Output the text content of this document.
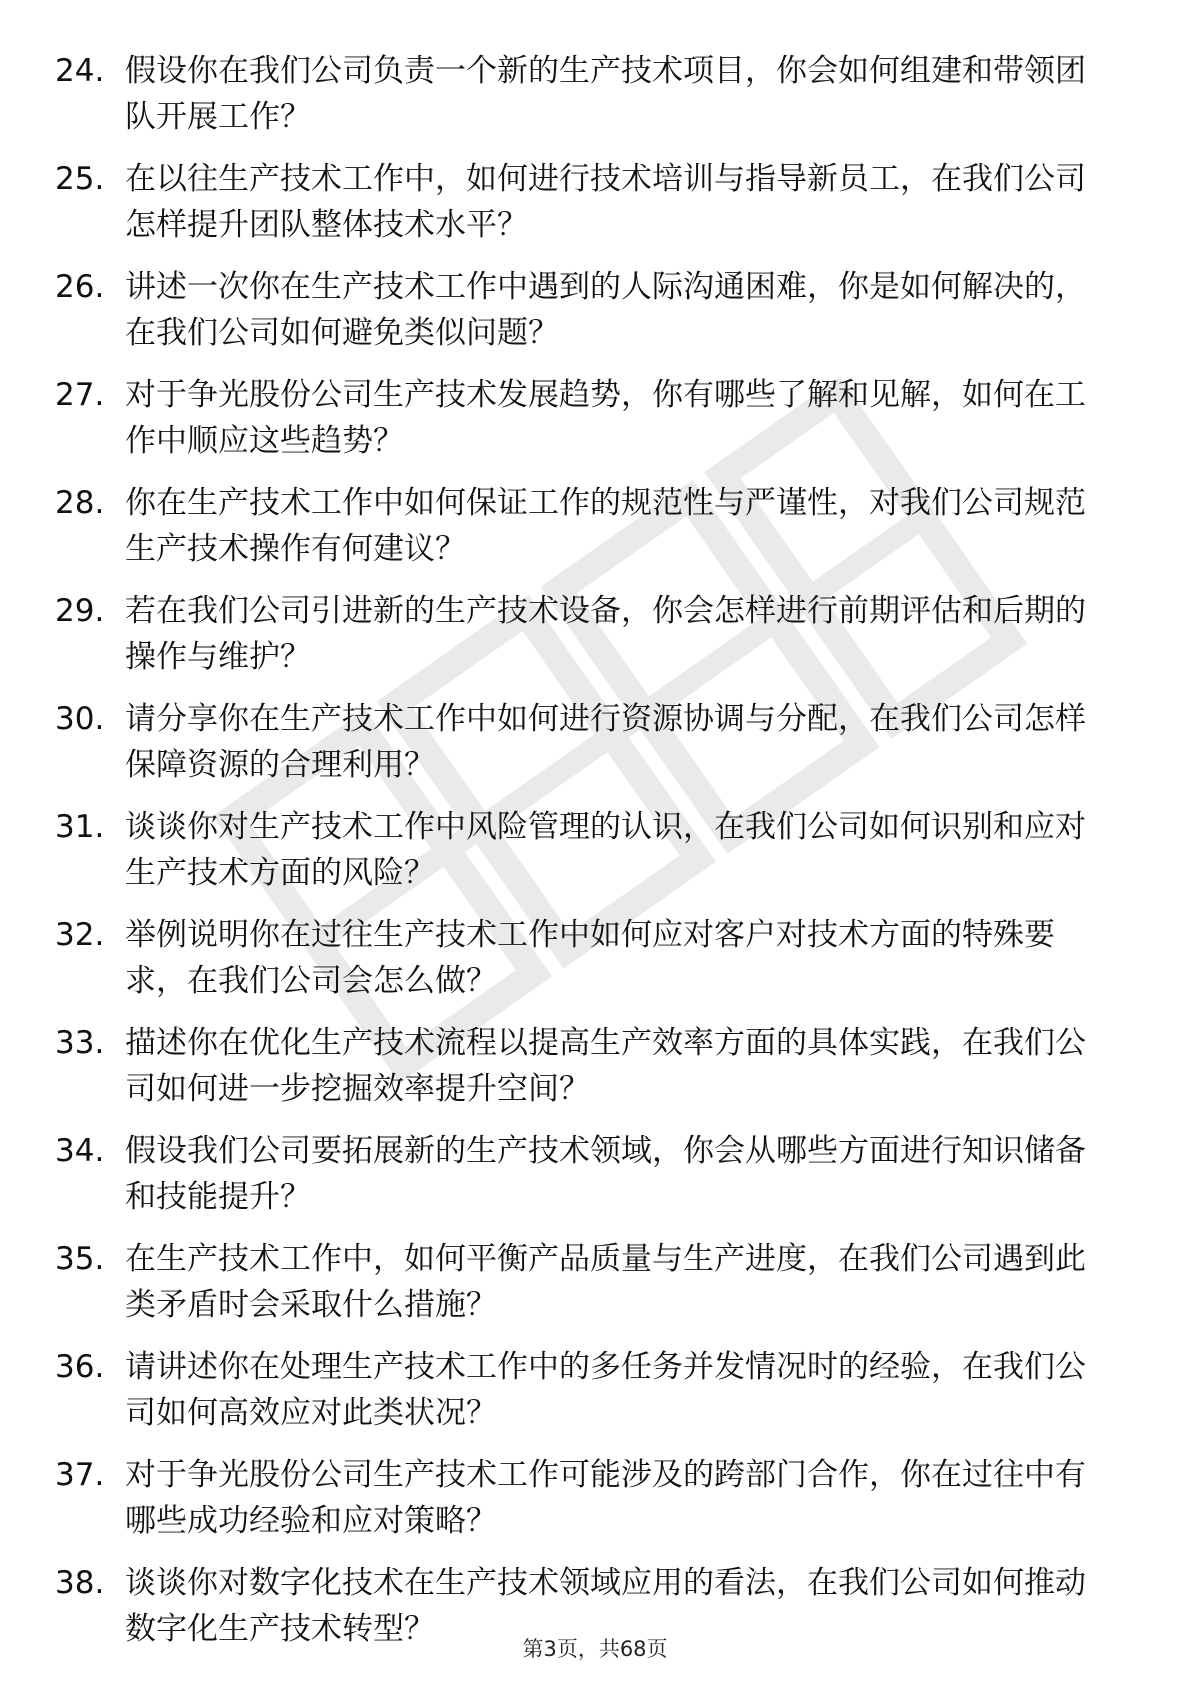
24. 假设你在我们公司负责一个新的生产技术项目，你会如何组建和带领团队开展工作？
25. 在以往生产技术工作中，如何进行技术培训与指导新员工，在我们公司怎样提升团队整体技术水平？
26. 讲述一次你在生产技术工作中遇到的人际沟通困难，你是如何解决的，在我们公司如何避免类似问题？
27. 对于争光股份公司生产技术发展趋势，你有哪些了解和见解，如何在工作中顺应这些趋势？
28. 你在生产技术工作中如何保证工作的规范性与严谨性，对我们公司规范生产技术操作有何建议？
29. 若在我们公司引进新的生产技术设备，你会怎样进行前期评估和后期的操作与维护？
30. 请分享你在生产技术工作中如何进行资源协调与分配，在我们公司怎样保障资源的合理利用？
31. 谈谈你对生产技术工作中风险管理的认识，在我们公司如何识别和应对生产技术方面的风险？
32. 举例说明你在过往生产技术工作中如何应对客户对技术方面的特殊要求，在我们公司会怎么做？
33. 描述你在优化生产技术流程以提高生产效率方面的具体实践，在我们公司如何进一步挖掘效率提升空间？
34. 假设我们公司要拓展新的生产技术领域，你会从哪些方面进行知识储备和技能提升？
35. 在生产技术工作中，如何平衡产品质量与生产进度，在我们公司遇到此类矛盾时会采取什么措施？
36. 请讲述你在处理生产技术工作中的多任务并发情况时的经验，在我们公司如何高效应对此类状况？
37. 对于争光股份公司生产技术工作可能涉及的跨部门合作，你在过往中有哪些成功经验和应对策略？
38. 谈谈你对数字化技术在生产技术领域应用的看法，在我们公司如何推动数字化生产技术转型？
第3页，共68页
